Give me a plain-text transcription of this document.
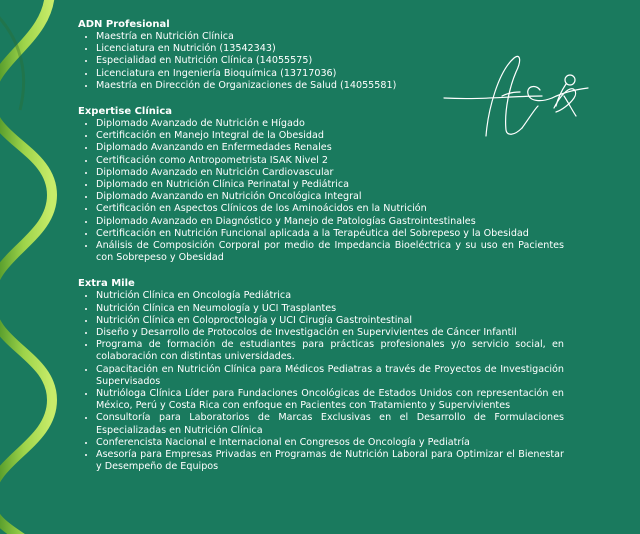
ADN Profesional

• Maestría en Nutrición Clínica
• Licenciatura en Nutrición (13542343)
• Especialidad en Nutrición Clínica (14055575)
• Licenciatura en Ingeniería Bioquímica (13717036)
• Maestría en Dirección de Organizaciones de Salud (14055581)

Expertise Clínica

• Diplomado Avanzado de Nutrición e Hígado
• Certificación en Manejo Integral de la Obesidad
• Diplomado Avanzando en Enfermedades Renales
• Certificación como Antropometrista ISAK Nivel 2
• Diplomado Avanzado en Nutrición Cardiovascular
• Diplomado en Nutrición Clínica Perinatal y Pediátrica
• Diplomado Avanzando en Nutrición Oncológica Integral
• Certificación en Aspectos Clínicos de los Aminoácidos en la Nutrición
• Diplomado Avanzado en Diagnóstico y Manejo de Patologías Gastrointestinales
• Certificación en Nutrición Funcional aplicada a la Terapéutica del Sobrepeso y la Obesidad
• Análisis de Composición Corporal por medio de Impedancia Bioeléctrica y su uso en Pacientes con Sobrepeso y Obesidad

Extra Mile

• Nutrición Clínica en Oncología Pediátrica
• Nutrición Clínica en Neumología y UCI Trasplantes
• Nutrición Clínica en Coloproctología y UCI Cirugía Gastrointestinal
• Diseño y Desarrollo de Protocolos de Investigación en Supervivientes de Cáncer Infantil
• Programa de formación de estudiantes para prácticas profesionales y/o servicio social, en colaboración con distintas universidades.
• Capacitación en Nutrición Clínica para Médicos Pediatras a través de Proyectos de Investigación Supervisados
• Nutrióloga Clínica Líder para Fundaciones Oncológicas de Estados Unidos con representación en México, Perú y Costa Rica con enfoque en Pacientes con Tratamiento y Supervivientes
• Consultoría para Laboratorios de Marcas Exclusivas en el Desarrollo de Formulaciones Especializadas en Nutrición Clínica
• Conferencista Nacional e Internacional en Congresos de Oncología y Pediatría
• Asesoría para Empresas Privadas en Programas de Nutrición Laboral para Optimizar el Bienestar y Desempeño de Equipos
